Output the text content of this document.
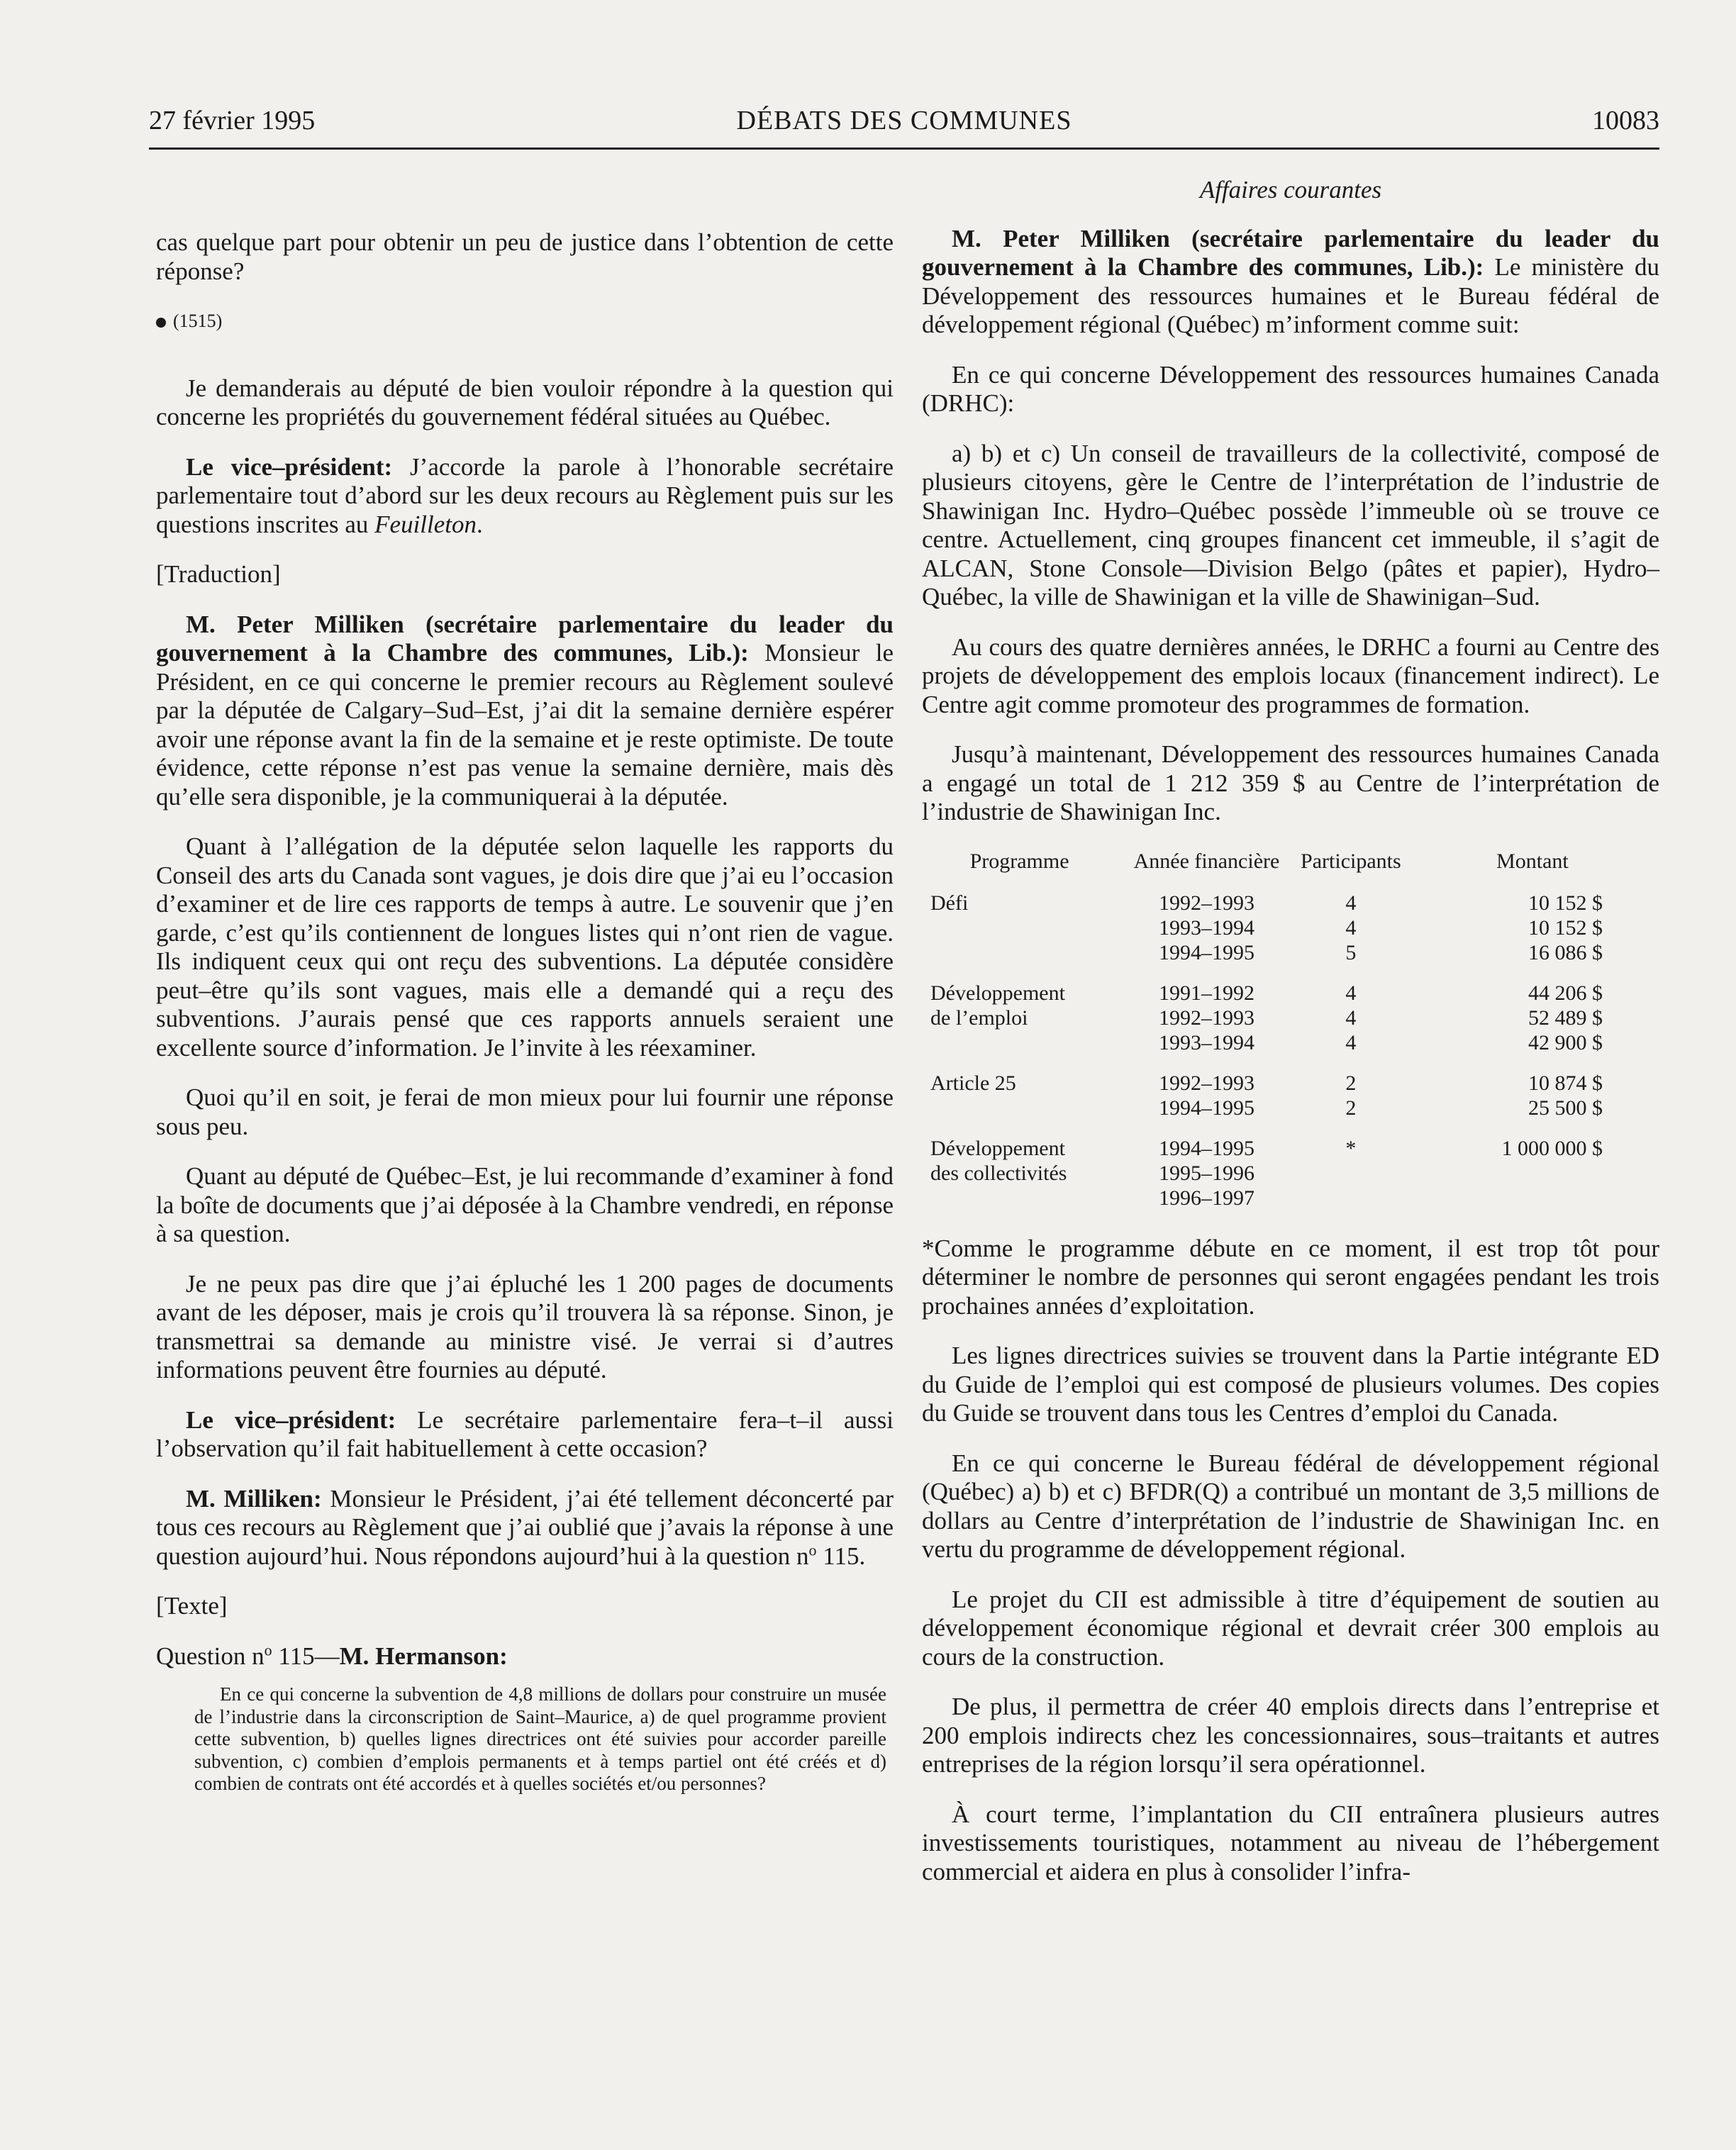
27 février 1995	DÉBATS DES COMMUNES	10083

cas quelque part pour obtenir un peu de justice dans l’obtention de cette réponse?

(1515)

Je demanderais au député de bien vouloir répondre à la question qui concerne les propriétés du gouvernement fédéral situées au Québec.

Le vice–président: J’accorde la parole à l’honorable secrétaire parlementaire tout d’abord sur les deux recours au Règlement puis sur les questions inscrites au Feuilleton.

[Traduction]

M. Peter Milliken (secrétaire parlementaire du leader du gouvernement à la Chambre des communes, Lib.): Monsieur le Président, en ce qui concerne le premier recours au Règlement soulevé par la députée de Calgary–Sud–Est, j’ai dit la semaine dernière espérer avoir une réponse avant la fin de la semaine et je reste optimiste. De toute évidence, cette réponse n’est pas venue la semaine dernière, mais dès qu’elle sera disponible, je la communiquerai à la députée.

Quant à l’allégation de la députée selon laquelle les rapports du Conseil des arts du Canada sont vagues, je dois dire que j’ai eu l’occasion d’examiner et de lire ces rapports de temps à autre. Le souvenir que j’en garde, c’est qu’ils contiennent de longues listes qui n’ont rien de vague. Ils indiquent ceux qui ont reçu des subventions. La députée considère peut–être qu’ils sont vagues, mais elle a demandé qui a reçu des subventions. J’aurais pensé que ces rapports annuels seraient une excellente source d’information. Je l’invite à les réexaminer.

Quoi qu’il en soit, je ferai de mon mieux pour lui fournir une réponse sous peu.

Quant au député de Québec–Est, je lui recommande d’examiner à fond la boîte de documents que j’ai déposée à la Chambre vendredi, en réponse à sa question.

Je ne peux pas dire que j’ai épluché les 1 200 pages de documents avant de les déposer, mais je crois qu’il trouvera là sa réponse. Sinon, je transmettrai sa demande au ministre visé. Je verrai si d’autres informations peuvent être fournies au député.

Le vice–président: Le secrétaire parlementaire fera–t–il aussi l’observation qu’il fait habituellement à cette occasion?

M. Milliken: Monsieur le Président, j’ai été tellement déconcerté par tous ces recours au Règlement que j’ai oublié que j’avais la réponse à une question aujourd’hui. Nous répondons aujourd’hui à la question $n^o$ 115.

[Texte]

Question $n^o$ 115—M. Hermanson:

En ce qui concerne la subvention de 4,8 millions de dollars pour construire un musée de l’industrie dans la circonscription de Saint–Maurice, a) de quel programme provient cette subvention, b) quelles lignes directrices ont été suivies pour accorder pareille subvention, c) combien d’emplois permanents et à temps partiel ont été créés et d) combien de contrats ont été accordés et à quelles sociétés et/ou personnes?

Affaires courantes

M. Peter Milliken (secrétaire parlementaire du leader du gouvernement à la Chambre des communes, Lib.): Le ministère du Développement des ressources humaines et le Bureau fédéral de développement régional (Québec) m’informent comme suit:

En ce qui concerne Développement des ressources humaines Canada (DRHC):

a) b) et c) Un conseil de travailleurs de la collectivité, composé de plusieurs citoyens, gère le Centre de l’interprétation de l’industrie de Shawinigan Inc. Hydro–Québec possède l’immeuble où se trouve ce centre. Actuellement, cinq groupes financent cet immeuble, il s’agit de ALCAN, Stone Console—Division Belgo (pâtes et papier), Hydro–Québec, la ville de Shawinigan et la ville de Shawinigan–Sud.

Au cours des quatre dernières années, le DRHC a fourni au Centre des projets de développement des emplois locaux (financement indirect). Le Centre agit comme promoteur des programmes de formation.

Jusqu’à maintenant, Développement des ressources humaines Canada a engagé un total de 1 212 359 $ au Centre de l’interprétation de l’industrie de Shawinigan Inc.

Programme	Année financière	Participants	Montant
Défi	1992–1993	4	10 152 $
	1993–1994	4	10 152 $
	1994–1995	5	16 086 $
Développement	1991–1992	4	44 206 $
de l’emploi	1992–1993	4	52 489 $
	1993–1994	4	42 900 $
Article 25	1992–1993	2	10 874 $
	1994–1995	2	25 500 $
Développement	1994–1995	*	1 000 000 $
des collectivités	1995–1996		
	1996–1997		

*Comme le programme débute en ce moment, il est trop tôt pour déterminer le nombre de personnes qui seront engagées pendant les trois prochaines années d’exploitation.

Les lignes directrices suivies se trouvent dans la Partie intégrante ED du Guide de l’emploi qui est composé de plusieurs volumes. Des copies du Guide se trouvent dans tous les Centres d’emploi du Canada.

En ce qui concerne le Bureau fédéral de développement régional (Québec) a) b) et c) BFDR(Q) a contribué un montant de 3,5 millions de dollars au Centre d’interprétation de l’industrie de Shawinigan Inc. en vertu du programme de développement régional.

Le projet du CII est admissible à titre d’équipement de soutien au développement économique régional et devrait créer 300 emplois au cours de la construction.

De plus, il permettra de créer 40 emplois directs dans l’entreprise et 200 emplois indirects chez les concessionnaires, sous–traitants et autres entreprises de la région lorsqu’il sera opérationnel.

À court terme, l’implantation du CII entraînera plusieurs autres investissements touristiques, notamment au niveau de l’hébergement commercial et aidera en plus à consolider l’infra-
